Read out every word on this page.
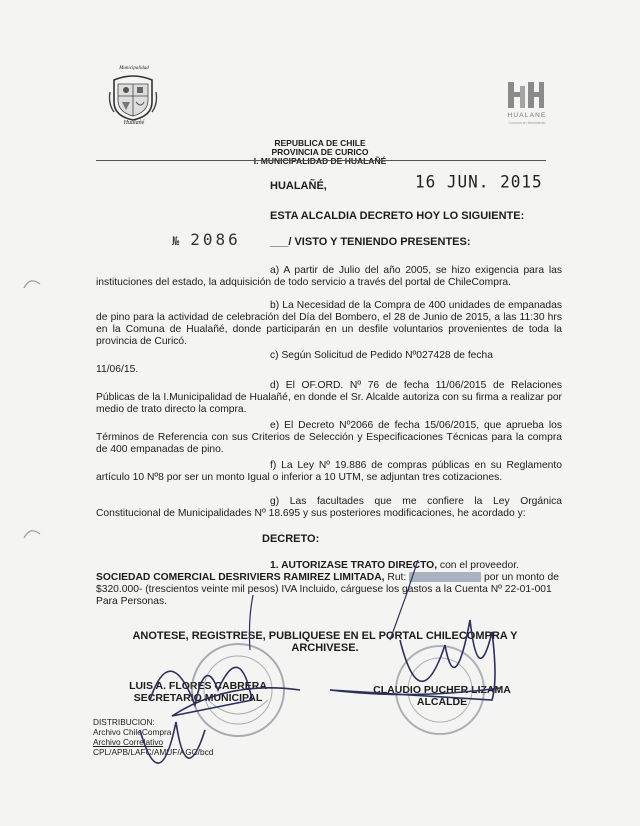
Municipalidad
Hualañé
HUALANE
Comuna en Movimiento
REPUBLICA DE CHILE
PROVINCIA DE CURICO
I. MUNICIPALIDAD DE HUALAÑÉ
HUALAÑÉ,	16 JUN. 2015
ESTA ALCALDIA DECRETO HOY LO SIGUIENTE:
№ 2086	___/ VISTO Y TENIENDO PRESENTES:
a) A partir de Julio del año 2005, se hizo exigencia para las instituciones del estado, la adquisición de todo servicio a través del portal de ChileCompra.
b) La Necesidad de la Compra de 400 unidades de empanadas de pino para la actividad de celebración del Día del Bombero, el 28 de Junio de 2015, a las 11:30 hrs en la Comuna de Hualañé, donde participarán en un desfile voluntarios provenientes de toda la provincia de Curicó.
c) Según Solicitud de Pedido Nº027428 de fecha
11/06/15.
d) El OF.ORD. Nº 76 de fecha 11/06/2015 de Relaciones Públicas de la I.Municipalidad de Hualañé, en donde el Sr. Alcalde autoriza con su firma a realizar por medio de trato directo la compra.
e) El Decreto Nº2066 de fecha 15/06/2015, que aprueba los Términos de Referencia con sus Criterios de Selección y Especificaciones Técnicas para la compra de 400 empanadas de pino.
f) La Ley Nº 19.886 de compras públicas en su Reglamento artículo 10 Nº8 por ser un monto Igual o inferior a 10 UTM, se adjuntan tres cotizaciones.
g) Las facultades que me confiere la Ley Orgánica Constitucional de Municipalidades Nº 18.695 y sus posteriores modificaciones, he acordado y:
DECRETO:
1. AUTORIZASE TRATO DIRECTO, con el proveedor.
SOCIEDAD COMERCIAL DESRIVIERS RAMIREZ LIMITADA, Rut:	por un monto de $320.000- (trescientos veinte mil pesos) IVA Incluido, cárguese los gastos a la Cuenta Nº 22-01-001 Para Personas.
ANOTESE, REGISTRESE, PUBLIQUESE EN EL PORTAL CHILECOMPRA Y
ARCHIVESE.
LUIS A. FLORES CABRERA
SECRETARIO MUNICIPAL
CLAUDIO PUCHER LIZAMA
ALCALDE
DISTRIBUCION:
Archivo ChileCompra
Archivo Correlativo
CPL/APB/LAFC/AMUF/AGC/bcd
